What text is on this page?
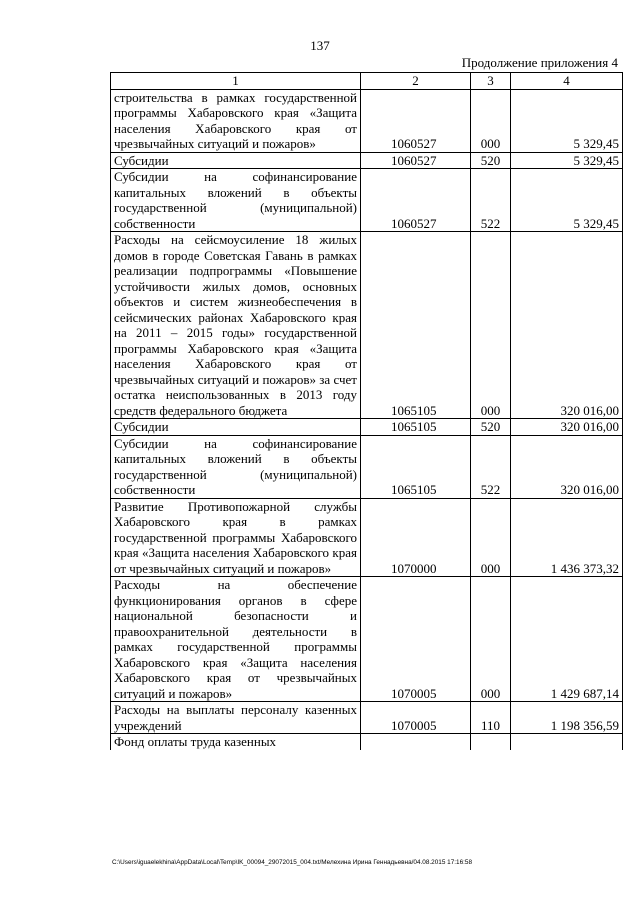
137
Продолжение приложения 4
1	2	3	4
строительства в рамках государственной программы Хабаровского края «Защита населения Хабаровского края от чрезвычайных ситуаций и пожаров»	1060527	000	5 329,45
Субсидии	1060527	520	5 329,45
Субсидии на софинансирование капитальных вложений в объекты государственной (муниципальной) собственности	1060527	522	5 329,45
Расходы на сейсмоусиление 18 жилых домов в городе Советская Гавань в рамках реализации подпрограммы «Повышение устойчивости жилых домов, основных объектов и систем жизнеобеспечения в сейсмических районах Хабаровского края на 2011 – 2015 годы» государственной программы Хабаровского края «Защита населения Хабаровского края от чрезвычайных ситуаций и пожаров» за счет остатка неиспользованных в 2013 году средств федерального бюджета	1065105	000	320 016,00
Субсидии	1065105	520	320 016,00
Субсидии на софинансирование капитальных вложений в объекты государственной (муниципальной) собственности	1065105	522	320 016,00
Развитие Противопожарной службы Хабаровского края в рамках государственной программы Хабаровского края «Защита населения Хабаровского края от чрезвычайных ситуаций и пожаров»	1070000	000	1 436 373,32
Расходы на обеспечение функционирования органов в сфере национальной безопасности и правоохранительной деятельности в рамках государственной программы Хабаровского края «Защита населения Хабаровского края от чрезвычайных ситуаций и пожаров»	1070005	000	1 429 687,14
Расходы на выплаты персоналу казенных учреждений	1070005	110	1 198 356,59
Фонд оплаты труда казенных			
C:\Users\iguaelekhina\AppData\Local\Temp\IK_00094_29072015_004.txt/Мелехина Ирина Геннадьевна/04.08.2015 17:16:58
